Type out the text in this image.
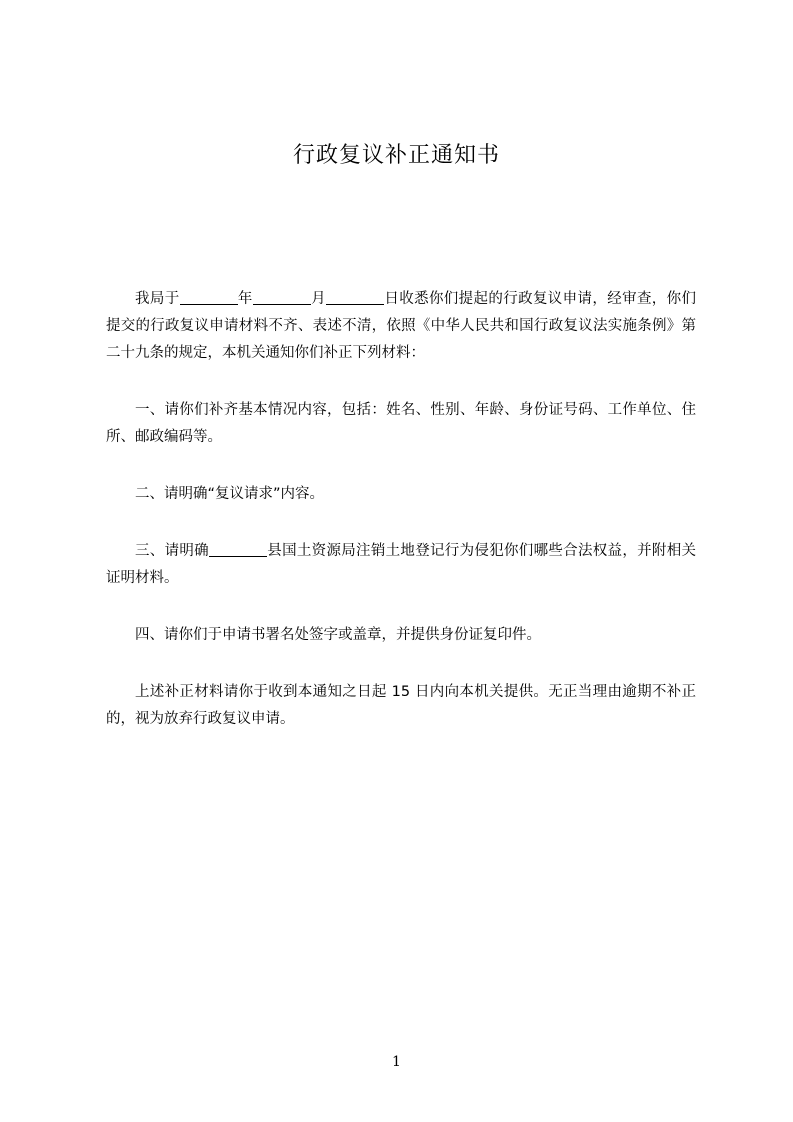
行政复议补正通知书

我局于	年	月	日收悉你们提起的行政复议申请，经审查，你们提交的行政复议申请材料不齐、表述不清，依照《中华人民共和国行政复议法实施条例》第二十九条的规定，本机关通知你们补正下列材料：

一、请你们补齐基本情况内容，包括：姓名、性别、年龄、身份证号码、工作单位、住所、邮政编码等。

二、请明确“复议请求”内容。

三、请明确	县国土资源局注销土地登记行为侵犯你们哪些合法权益，并附相关证明材料。

四、请你们于申请书署名处签字或盖章，并提供身份证复印件。

上述补正材料请你于收到本通知之日起 15 日内向本机关提供。无正当理由逾期不补正的，视为放弃行政复议申请。

1
